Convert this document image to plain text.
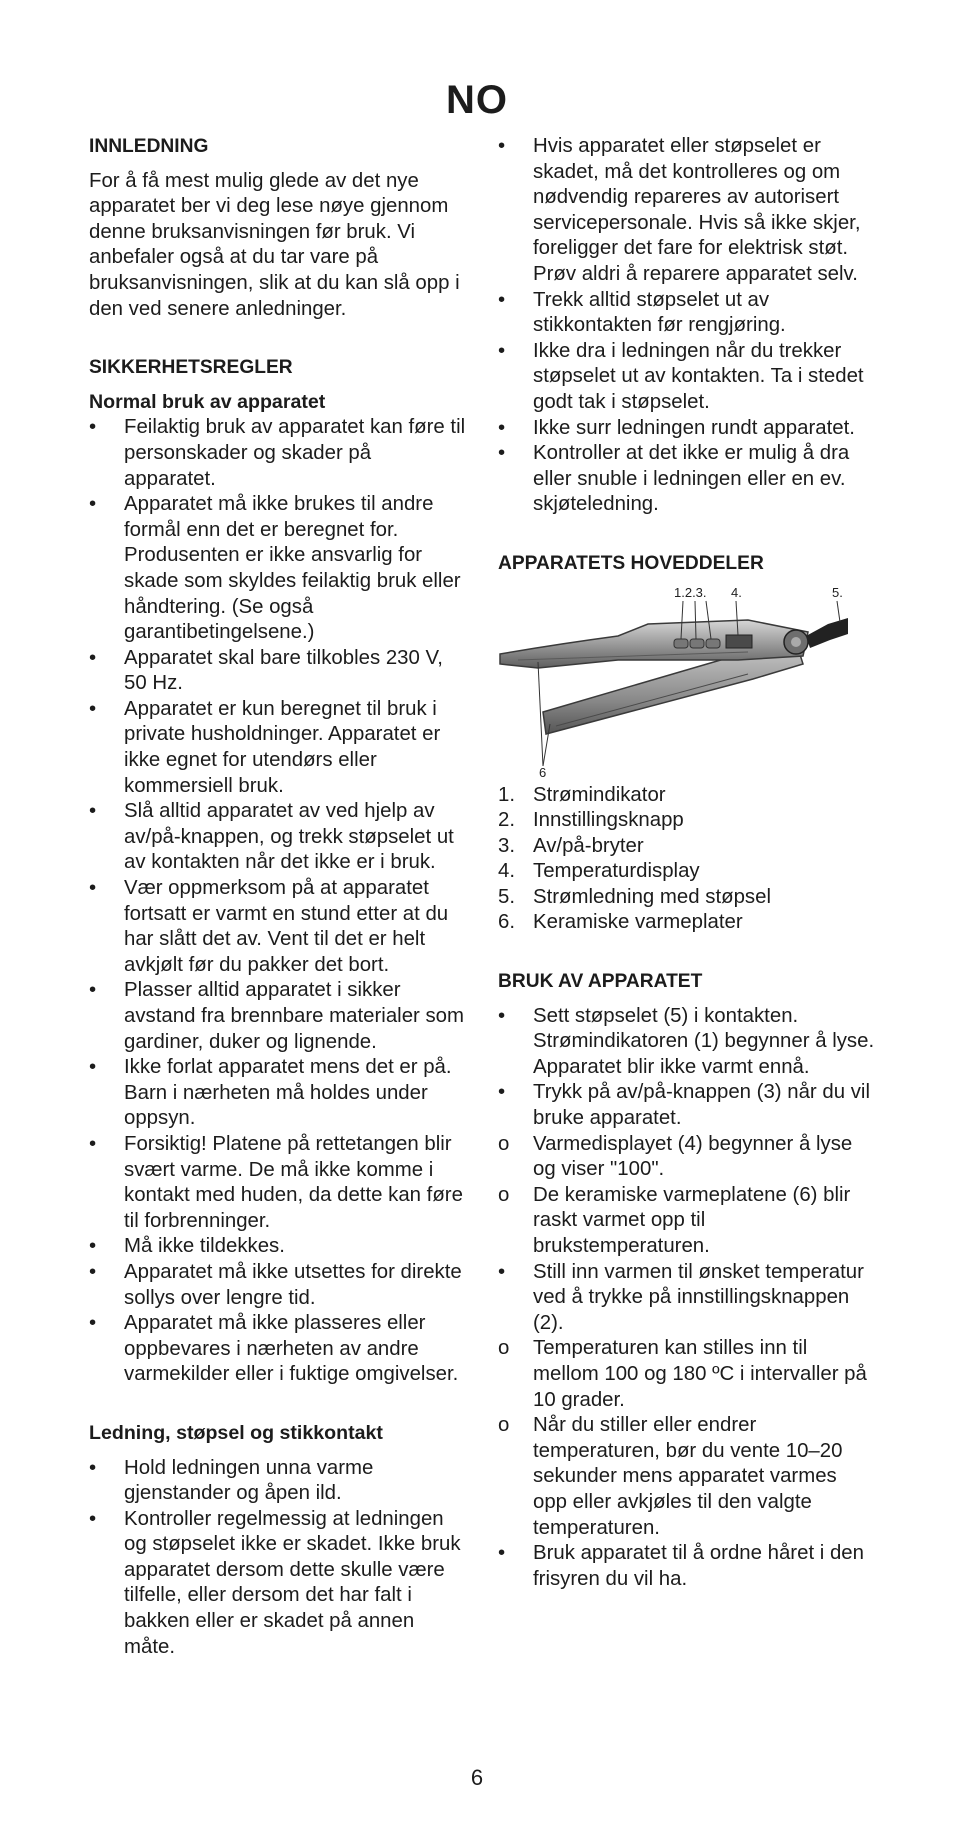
NO
INNLEDNING

For å få mest mulig glede av det nye apparatet ber vi deg lese nøye gjennom denne bruksanvisningen før bruk. Vi anbefaler også at du tar vare på bruksanvisningen, slik at du kan slå opp i den ved senere anledninger.

SIKKERHETSREGLER
Normal bruk av apparatet
•	Feilaktig bruk av apparatet kan føre til personskader og skader på apparatet.
•	Apparatet må ikke brukes til andre formål enn det er beregnet for. Produsenten er ikke ansvarlig for skade som skyldes feilaktig bruk eller håndtering. (Se også garantibetingelsene.)
•	Apparatet skal bare tilkobles 230 V, 50 Hz.
•	Apparatet er kun beregnet til bruk i private husholdninger. Apparatet er ikke egnet for utendørs eller kommersiell bruk.
•	Slå alltid apparatet av ved hjelp av av/på-knappen, og trekk støpselet ut av kontakten når det ikke er i bruk.
•	Vær oppmerksom på at apparatet fortsatt er varmt en stund etter at du har slått det av. Vent til det er helt avkjølt før du pakker det bort.
•	Plasser alltid apparatet i sikker avstand fra brennbare materialer som gardiner, duker og lignende.
•	Ikke forlat apparatet mens det er på. Barn i nærheten må holdes under oppsyn.
•	Forsiktig! Platene på rettetangen blir svært varme. De må ikke komme i kontakt med huden, da dette kan føre til forbrenninger.
•	Må ikke tildekkes.
•	Apparatet må ikke utsettes for direkte sollys over lengre tid.
•	Apparatet må ikke plasseres eller oppbevares i nærheten av andre varmekilder eller i fuktige omgivelser.
Ledning, støpsel og stikkontakt
•	Hold ledningen unna varme gjenstander og åpen ild.
•	Kontroller regelmessig at ledningen og støpselet ikke er skadet. Ikke bruk apparatet dersom dette skulle være tilfelle, eller dersom det har falt i bakken eller er skadet på annen måte.
•	Hvis apparatet eller støpselet er skadet, må det kontrolleres og om nødvendig repareres av autorisert servicepersonale. Hvis så ikke skjer, foreligger det fare for elektrisk støt. Prøv aldri å reparere apparatet selv.
•	Trekk alltid støpselet ut av stikkontakten før rengjøring.
•	Ikke dra i ledningen når du trekker støpselet ut av kontakten. Ta i stedet godt tak i støpselet.
•	Ikke surr ledningen rundt apparatet.
•	Kontroller at det ikke er mulig å dra eller snuble i ledningen eller en ev. skjøteledning.
APPARATETS HOVEDDELER
1.2.3. 4.	5.
6
1. Strømindikator
2. Innstillingsknapp
3. Av/på-bryter
4. Temperaturdisplay
5. Strømledning med støpsel
6. Keramiske varmeplater
BRUK AV APPARATET
•	Sett støpselet (5) i kontakten. Strømindikatoren (1) begynner å lyse. Apparatet blir ikke varmt ennå.
•	Trykk på av/på-knappen (3) når du vil bruke apparatet.
o	Varmedisplayet (4) begynner å lyse og viser "100".
o	De keramiske varmeplatene (6) blir raskt varmet opp til brukstemperaturen.
•	Still inn varmen til ønsket temperatur ved å trykke på innstillingsknappen (2).
o	Temperaturen kan stilles inn til mellom 100 og 180 ºC i intervaller på 10 grader.
o	Når du stiller eller endrer temperaturen, bør du vente 10–20 sekunder mens apparatet varmes opp eller avkjøles til den valgte temperaturen.
•	Bruk apparatet til å ordne håret i den frisyren du vil ha.
6
